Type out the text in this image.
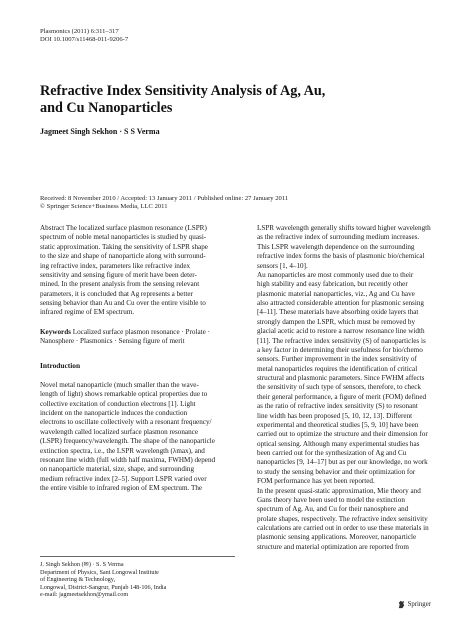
Plasmonics (2011) 6:311–317
DOI 10.1007/s11468-011-9206-7
Refractive Index Sensitivity Analysis of Ag, Au,
and Cu Nanoparticles
Jagmeet Singh Sekhon · S S Verma
Received: 8 November 2010 / Accepted: 13 January 2011 / Published online: 27 January 2011
© Springer Science+Business Media, LLC 2011
Abstract The localized surface plasmon resonance (LSPR)
spectrum of noble metal nanoparticles is studied by quasi-
static approximation. Taking the sensitivity of LSPR shape
to the size and shape of nanoparticle along with surround-
ing refractive index, parameters like refractive index
sensitivity and sensing figure of merit have been deter-
mined. In the present analysis from the sensing relevant
parameters, it is concluded that Ag represents a better
sensing behavior than Au and Cu over the entire visible to
infrared regime of EM spectrum.
Keywords Localized surface plasmon resonance · Prolate ·
Nanosphere · Plasmonics · Sensing figure of merit
Introduction
Novel metal nanoparticle (much smaller than the wave-
length of light) shows remarkable optical properties due to
collective excitation of conduction electrons [1]. Light
incident on the nanoparticle induces the conduction
electrons to oscillate collectively with a resonant frequency/
wavelength called localized surface plasmon resonance
(LSPR) frequency/wavelength. The shape of the nanoparticle
extinction spectra, i.e., the LSPR wavelength (λmax), and
resonant line width (full width half maxima, FWHM) depend
on nanoparticle material, size, shape, and surrounding
medium refractive index [2–5]. Support LSPR varied over
the entire visible to infrared region of EM spectrum. The
LSPR wavelength generally shifts toward higher wavelength
as the refractive index of surrounding medium increases.
This LSPR wavelength dependence on the surrounding
refractive index forms the basis of plasmonic bio/chemical
sensors [1, 4–10].
Au nanoparticles are most commonly used due to their
high stability and easy fabrication, but recently other
plasmonic material nanoparticles, viz., Ag and Cu have
also attracted considerable attention for plasmonic sensing
[4–11]. These materials have absorbing oxide layers that
strongly dampen the LSPR, which must be removed by
glacial acetic acid to restore a narrow resonance line width
[11]. The refractive index sensitivity (S) of nanoparticles is
a key factor in determining their usefulness for bio/chemo
sensors. Further improvement in the index sensitivity of
metal nanoparticles requires the identification of critical
structural and plasmonic parameters. Since FWHM affects
the sensitivity of such type of sensors, therefore, to check
their general performance, a figure of merit (FOM) defined
as the ratio of refractive index sensitivity (S) to resonant
line width has been proposed [5, 10, 12, 13]. Different
experimental and theoretical studies [5, 9, 10] have been
carried out to optimize the structure and their dimension for
optical sensing. Although many experimental studies has
been carried out for the synthesization of Ag and Cu
nanoparticles [9, 14–17] but as per our knowledge, no work
to study the sensing behavior and their optimization for
FOM performance has yet been reported.
In the present quasi-static approximation, Mie theory and
Gans theory have been used to model the extinction
spectrum of Ag, Au, and Cu for their nanosphere and
prolate shapes, respectively. The refractive index sensitivity
calculations are carried out in order to use these materials in
plasmonic sensing applications. Moreover, nanoparticle
structure and material optimization are reported from
J. Singh Sekhon (✉) · S. S Verma
Department of Physics, Sant Longowal Institute
of Engineering & Technology,
Longowal, District-Sangrur, Punjab 148-106, India
e-mail: jagmeetsekhon@ymail.com
Springer
